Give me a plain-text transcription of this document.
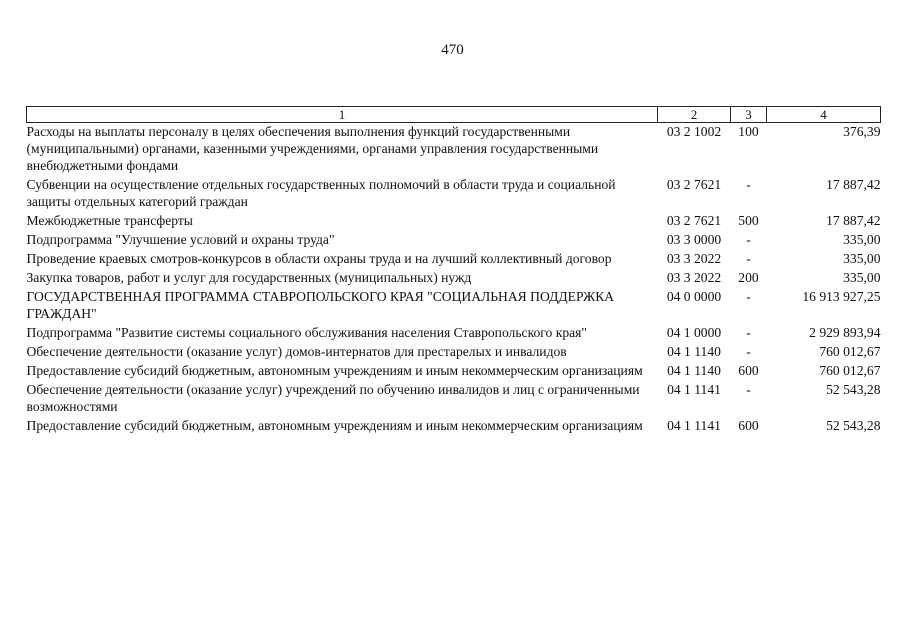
470
1	2	3	4
Расходы на выплаты персоналу в целях обеспечения выполнения функций государственными (муниципальными) органами, казенными учреждениями, органами управления государственными внебюджетными фондами	03 2 1002	100	376,39
Субвенции на осуществление отдельных государственных полномочий в области труда и социальной защиты отдельных категорий граждан	03 2 7621	-	17 887,42
Межбюджетные трансферты	03 2 7621	500	17 887,42
Подпрограмма "Улучшение условий и охраны труда"	03 3 0000	-	335,00
Проведение краевых смотров-конкурсов в области охраны труда и на лучший коллективный договор	03 3 2022	-	335,00
Закупка товаров, работ и услуг для государственных (муниципальных) нужд	03 3 2022	200	335,00
ГОСУДАРСТВЕННАЯ ПРОГРАММА СТАВРОПОЛЬСКОГО КРАЯ "СОЦИАЛЬНАЯ ПОДДЕРЖКА ГРАЖДАН"	04 0 0000	-	16 913 927,25
Подпрограмма "Развитие системы социального обслуживания населения Ставропольского края"	04 1 0000	-	2 929 893,94
Обеспечение деятельности (оказание услуг) домов-интернатов для престарелых и инвалидов	04 1 1140	-	760 012,67
Предоставление субсидий бюджетным, автономным учреждениям и иным некоммерческим организациям	04 1 1140	600	760 012,67
Обеспечение деятельности (оказание услуг) учреждений по обучению инвалидов и лиц с ограниченными возможностями	04 1 1141	-	52 543,28
Предоставление субсидий бюджетным, автономным учреждениям и иным некоммерческим организациям	04 1 1141	600	52 543,28
